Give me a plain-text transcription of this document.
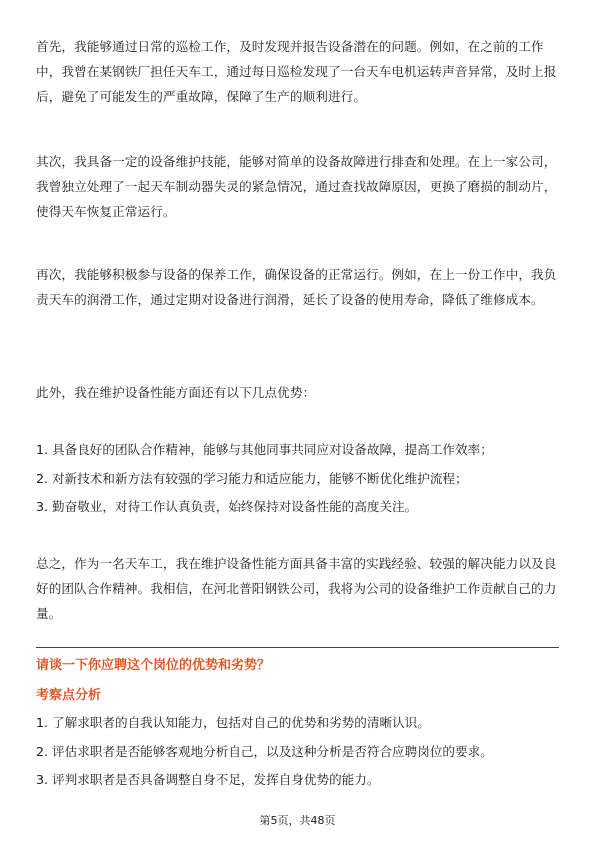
首先，我能够通过日常的巡检工作，及时发现并报告设备潜在的问题。例如，在之前的工作中，我曾在某钢铁厂担任天车工，通过每日巡检发现了一台天车电机运转声音异常，及时上报后，避免了可能发生的严重故障，保障了生产的顺利进行。

其次，我具备一定的设备维护技能，能够对简单的设备故障进行排查和处理。在上一家公司，我曾独立处理了一起天车制动器失灵的紧急情况，通过查找故障原因，更换了磨损的制动片，使得天车恢复正常运行。

再次，我能够积极参与设备的保养工作，确保设备的正常运行。例如，在上一份工作中，我负责天车的润滑工作，通过定期对设备进行润滑，延长了设备的使用寿命，降低了维修成本。

此外，我在维护设备性能方面还有以下几点优势：

1. 具备良好的团队合作精神，能够与其他同事共同应对设备故障，提高工作效率；

2. 对新技术和新方法有较强的学习能力和适应能力，能够不断优化维护流程；

3. 勤奋敬业，对待工作认真负责，始终保持对设备性能的高度关注。

总之，作为一名天车工，我在维护设备性能方面具备丰富的实践经验、较强的解决能力以及良好的团队合作精神。我相信，在河北普阳钢铁公司，我将为公司的设备维护工作贡献自己的力量。

请谈一下你应聘这个岗位的优势和劣势？
考察点分析

1. 了解求职者的自我认知能力，包括对自己的优势和劣势的清晰认识。

2. 评估求职者是否能够客观地分析自己，以及这种分析是否符合应聘岗位的要求。

3. 评判求职者是否具备调整自身不足，发挥自身优势的能力。

第5页，共48页
